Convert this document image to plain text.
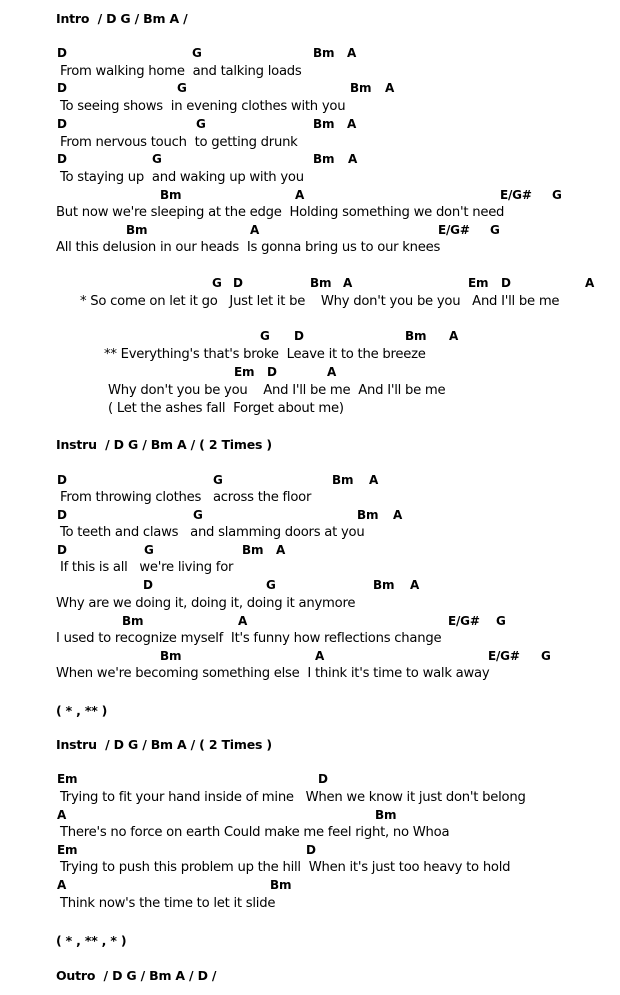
Intro  / D G / Bm A /

D

	G

	Bm

A

From walking home  and talking loads

D

	G

	Bm

A

To seeing shows  in evening clothes with you

D

	G

	Bm

A

From nervous touch  to getting drunk

D

	G

	Bm

A

To staying up  and waking up with you

Bm

	A

	E/G#

G

But now we're sleeping at the edge  Holding something we don't need

Bm

	A

	E/G#

G

All this delusion in our heads  Is gonna bring us to our knees

G

D

	Bm

A

	Em

D

	A

* So come on let it go   Just let it be    Why don't you be you   And I'll be me

G

D

	Bm

A

** Everything's that's broke  Leave it to the breeze

Em

D

	A

Why don't you be you    And I'll be me  And I'll be me
( Let the ashes fall  Forget about me)
Instru  / D G / Bm A / ( 2 Times )

D

	G

	Bm

A

From throwing clothes   across the floor

D

	G

	Bm

A

To teeth and claws   and slamming doors at you

D

	G

	Bm

A

If this is all   we're living for

D

	G

	Bm

A

Why are we doing it, doing it, doing it anymore

Bm

	A

	E/G#

G

I used to recognize myself  It's funny how reflections change

Bm

	A

	E/G#

G

When we're becoming something else  I think it's time to walk away
( * , ** )
Instru  / D G / Bm A / ( 2 Times )

Em

	D

Trying to fit your hand inside of mine   When we know it just don't belong

A

	Bm

There's no force on earth Could make me feel right, no Whoa

Em

	D

Trying to push this problem up the hill  When it's just too heavy to hold

A

	Bm

Think now's the time to let it slide
( * , ** , * )
Outro  / D G / Bm A / D /
